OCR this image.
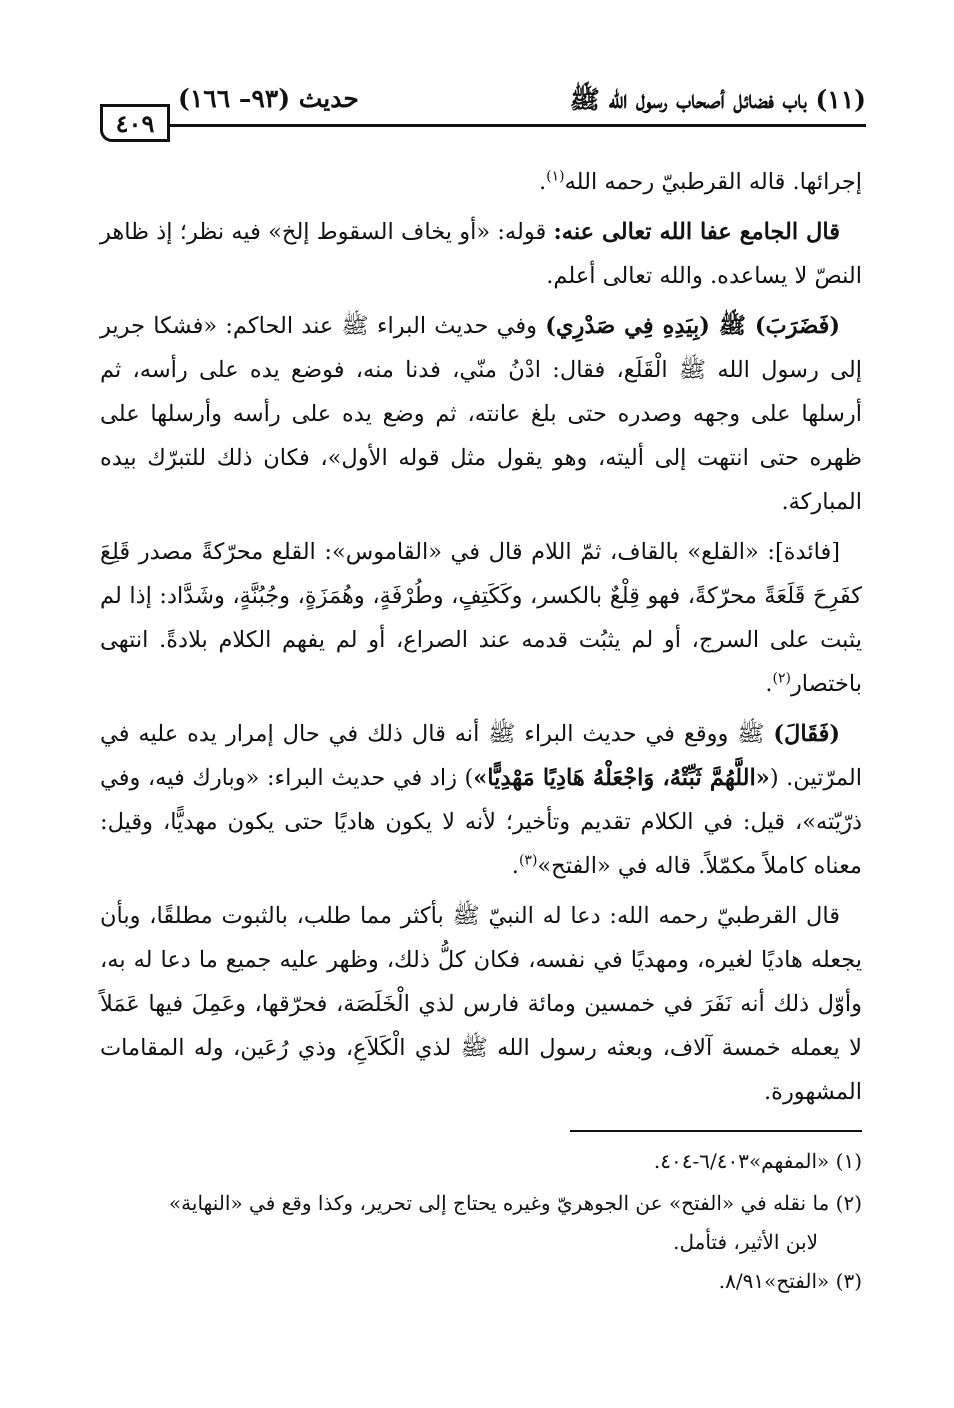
(١١) باب فضائل أصحاب رسول الله ﷺ
حديث (٩٣– ١٦٦)
٤٠٩

إجرائها. قاله القرطبيّ رحمه الله$^{(١)}$.

قال الجامع عفا الله تعالى عنه: قوله: «أو يخاف السقوط إلخ» فيه نظر؛ إذ ظاهر النصّ لا يساعده. والله تعالى أعلم.

(فَضَرَبَ) ﷺ (بِيَدِهِ فِي صَدْرِي) وفي حديث البراء ﷺ عند الحاكم: «فشكا جرير إلى رسول الله ﷺ الْقَلَع، فقال: ادْنُ منّي، فدنا منه، فوضع يده على رأسه، ثم أرسلها على وجهه وصدره حتى بلغ عانته، ثم وضع يده على رأسه وأرسلها على ظهره حتى انتهت إلى أليته، وهو يقول مثل قوله الأول»، فكان ذلك للتبرّك بيده المباركة.

[فائدة]: «القلع» بالقاف، ثمّ اللام قال في «القاموس»: القلع محرّكةً مصدر قَلِعَ كفَرِحَ قَلَعَةً محرّكةً، فهو قِلْعٌ بالكسر، وكَكَتِفٍ، وطُرْفَةٍ، وهُمَزَةٍ، وجُبُنَّةٍ، وشَدَّاد: إذا لم يثبت على السرج، أو لم يثبُت قدمه عند الصراع، أو لم يفهم الكلام بلادةً. انتهى باختصار$^{(٢)}$.

(فَقَالَ) ﷺ ووقع في حديث البراء ﷺ أنه قال ذلك في حال إمرار يده عليه في المرّتين. («اللَّهُمَّ ثَبِّتْهُ، وَاجْعَلْهُ هَادِيًا مَهْدِيًّا») زاد في حديث البراء: «وبارك فيه، وفي ذرّيّته»، قيل: في الكلام تقديم وتأخير؛ لأنه لا يكون هاديًا حتى يكون مهديًّا، وقيل: معناه كاملاً مكمّلاً. قاله في «الفتح»$^{(٣)}$.

قال القرطبيّ رحمه الله: دعا له النبيّ ﷺ بأكثر مما طلب، بالثبوت مطلقًا، وبأن يجعله هاديًا لغيره، ومهديًا في نفسه، فكان كلُّ ذلك، وظهر عليه جميع ما دعا له به، وأوّل ذلك أنه نَفَرَ في خمسين ومائة فارس لذي الْخَلَصَة، فحرّقها، وعَمِلَ فيها عَمَلاً لا يعمله خمسة آلاف، وبعثه رسول الله ﷺ لذي الْكَلاَعِ، وذي رُعَين، وله المقامات المشهورة.

(١) «المفهم»٦/٤٠٣-٤٠٤.

(٢) ما نقله في «الفتح» عن الجوهريّ وغيره يحتاج إلى تحرير، وكذا وقع في «النهاية»
لابن الأثير، فتأمل.

(٣) «الفتح»٨/٩١.
